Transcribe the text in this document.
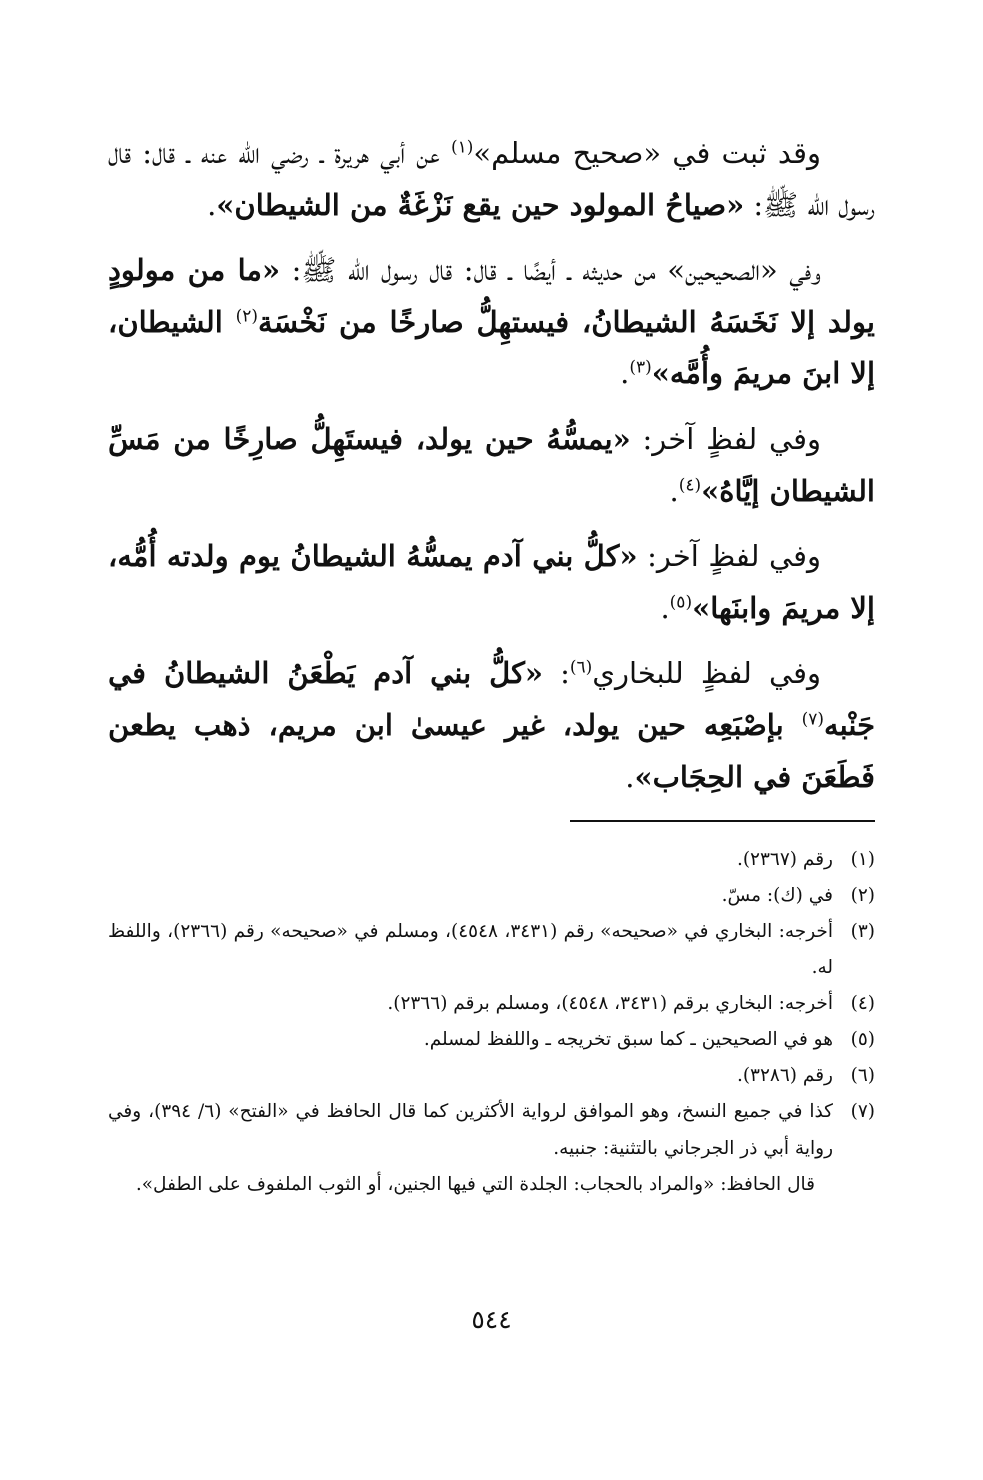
وقد ثبت في «صحيح مسلم»$^{(١)}$ عن أبي هريرة ـ رضي الله عنه ـ قال: قال رسول الله ﷺ: «صياحُ المولود حين يقع نَزْغَةٌ من الشيطان».

وفي «الصحيحين» من حديثه ـ أيضًا ـ قال: قال رسول الله ﷺ: «ما من مولودٍ يولد إلا نَخَسَهُ الشيطانُ، فيستهِلُّ صارخًا من نَخْسَة$^{(٢)}$ الشيطان، إلا ابنَ مريمَ وأُمَّه»$^{(٣)}$.

وفي لفظٍ آخر: «يمسُّهُ حين يولد، فيستَهِلُّ صارِخًا من مَسِّ الشيطان إيَّاهُ»$^{(٤)}$.

وفي لفظٍ آخر: «كلُّ بني آدم يمسُّهُ الشيطانُ يوم ولدته أُمُّه، إلا مريمَ وابنَها»$^{(٥)}$.

وفي لفظٍ للبخاري$^{(٦)}$: «كلُّ بني آدم يَطْعَنُ الشيطانُ في جَنْبه$^{(٧)}$ بإصْبَعِه حين يولد، غير عيسىٰ ابن مريم، ذهب يطعن فَطَعَنَ في الحِجَاب».

(١)
رقم (٢٣٦٧).
(٢)
في (ك): مسّ.
(٣)
أخرجه: البخاري في «صحيحه» رقم (٣٤٣١، ٤٥٤٨)، ومسلم في «صحيحه» رقم (٢٣٦٦)، واللفظ له.
(٤)
أخرجه: البخاري برقم (٣٤٣١، ٤٥٤٨)، ومسلم برقم (٢٣٦٦).
(٥)
هو في الصحيحين ـ كما سبق تخريجه ـ واللفظ لمسلم.
(٦)
رقم (٣٢٨٦).
(٧)
كذا في جميع النسخ، وهو الموافق لرواية الأكثرين كما قال الحافظ في «الفتح» (٦/ ٣٩٤)، وفي رواية أبي ذر الجرجاني بالتثنية: جنبيه.
قال الحافظ: «والمراد بالحجاب: الجلدة التي فيها الجنين، أو الثوب الملفوف على الطفل».
٥٤٤
